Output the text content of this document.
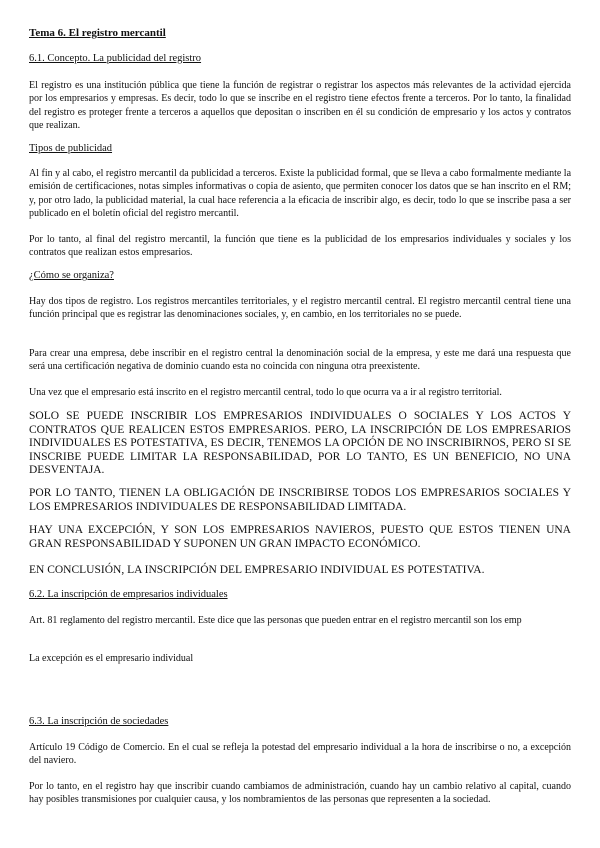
Tema 6. El registro mercantil

6.1. Concepto. La publicidad del registro

El registro es una institución pública que tiene la función de registrar o registrar los aspectos más relevantes de la actividad ejercida por los empresarios y empresas. Es decir, todo lo que se inscribe en el registro tiene efectos frente a terceros. Por lo tanto, la finalidad del registro es proteger frente a terceros a aquellos que depositan o inscriben en él su condición de empresario y los actos y contratos que realizan.

Tipos de publicidad

Al fin y al cabo, el registro mercantil da publicidad a terceros. Existe la publicidad formal, que se lleva a cabo formalmente mediante la emisión de certificaciones, notas simples informativas o copia de asiento, que permiten conocer los datos que se han inscrito en el RM; y, por otro lado, la publicidad material, la cual hace referencia a la eficacia de inscribir algo, es decir, todo lo que se inscribe pasa a ser publicado en el boletín oficial del registro mercantil.

Por lo tanto, al final del registro mercantil, la función que tiene es la publicidad de los empresarios individuales y sociales y los contratos que realizan estos empresarios.

¿Cómo se organiza?

Hay dos tipos de registro. Los registros mercantiles territoriales, y el registro mercantil central. El registro mercantil central tiene una función principal que es registrar las denominaciones sociales, y, en cambio, en los territoriales no se puede.

Para crear una empresa, debe inscribir en el registro central la denominación social de la empresa, y este me dará una respuesta que será una certificación negativa de dominio cuando esta no coincida con ninguna otra preexistente.

Una vez que el empresario está inscrito en el registro mercantil central, todo lo que ocurra va a ir al registro territorial.

SOLO SE PUEDE INSCRIBIR LOS EMPRESARIOS INDIVIDUALES O SOCIALES Y LOS ACTOS Y CONTRATOS QUE REALICEN ESTOS EMPRESARIOS. PERO, LA INSCRIPCIÓN DE LOS EMPRESARIOS INDIVIDUALES ES POTESTATIVA, ES DECIR, TENEMOS LA OPCIÓN DE NO INSCRIBIRNOS, PERO SI SE INSCRIBE PUEDE LIMITAR LA RESPONSABILIDAD, POR LO TANTO, ES UN BENEFICIO, NO UNA DESVENTAJA.

POR LO TANTO, TIENEN LA OBLIGACIÓN DE INSCRIBIRSE TODOS LOS EMPRESARIOS SOCIALES Y LOS EMPRESARIOS INDIVIDUALES DE RESPONSABILIDAD LIMITADA.

HAY UNA EXCEPCIÓN, Y SON LOS EMPRESARIOS NAVIEROS, PUESTO QUE ESTOS TIENEN UNA GRAN RESPONSABILIDAD Y SUPONEN UN GRAN IMPACTO ECONÓMICO.

EN CONCLUSIÓN, LA INSCRIPCIÓN DEL EMPRESARIO INDIVIDUAL ES POTESTATIVA.

6.2. La inscripción de empresarios individuales

Art. 81 reglamento del registro mercantil. Este dice que las personas que pueden entrar en el registro mercantil son los emp

La excepción es el empresario individual

6.3. La inscripción de sociedades

Artículo 19 Código de Comercio. En el cual se refleja la potestad del empresario individual a la hora de inscribirse o no, a excepción del naviero.

Por lo tanto, en el registro hay que inscribir cuando cambiamos de administración, cuando hay un cambio relativo al capital, cuando hay posibles transmisiones por cualquier causa, y los nombramientos de las personas que representen a la sociedad.
